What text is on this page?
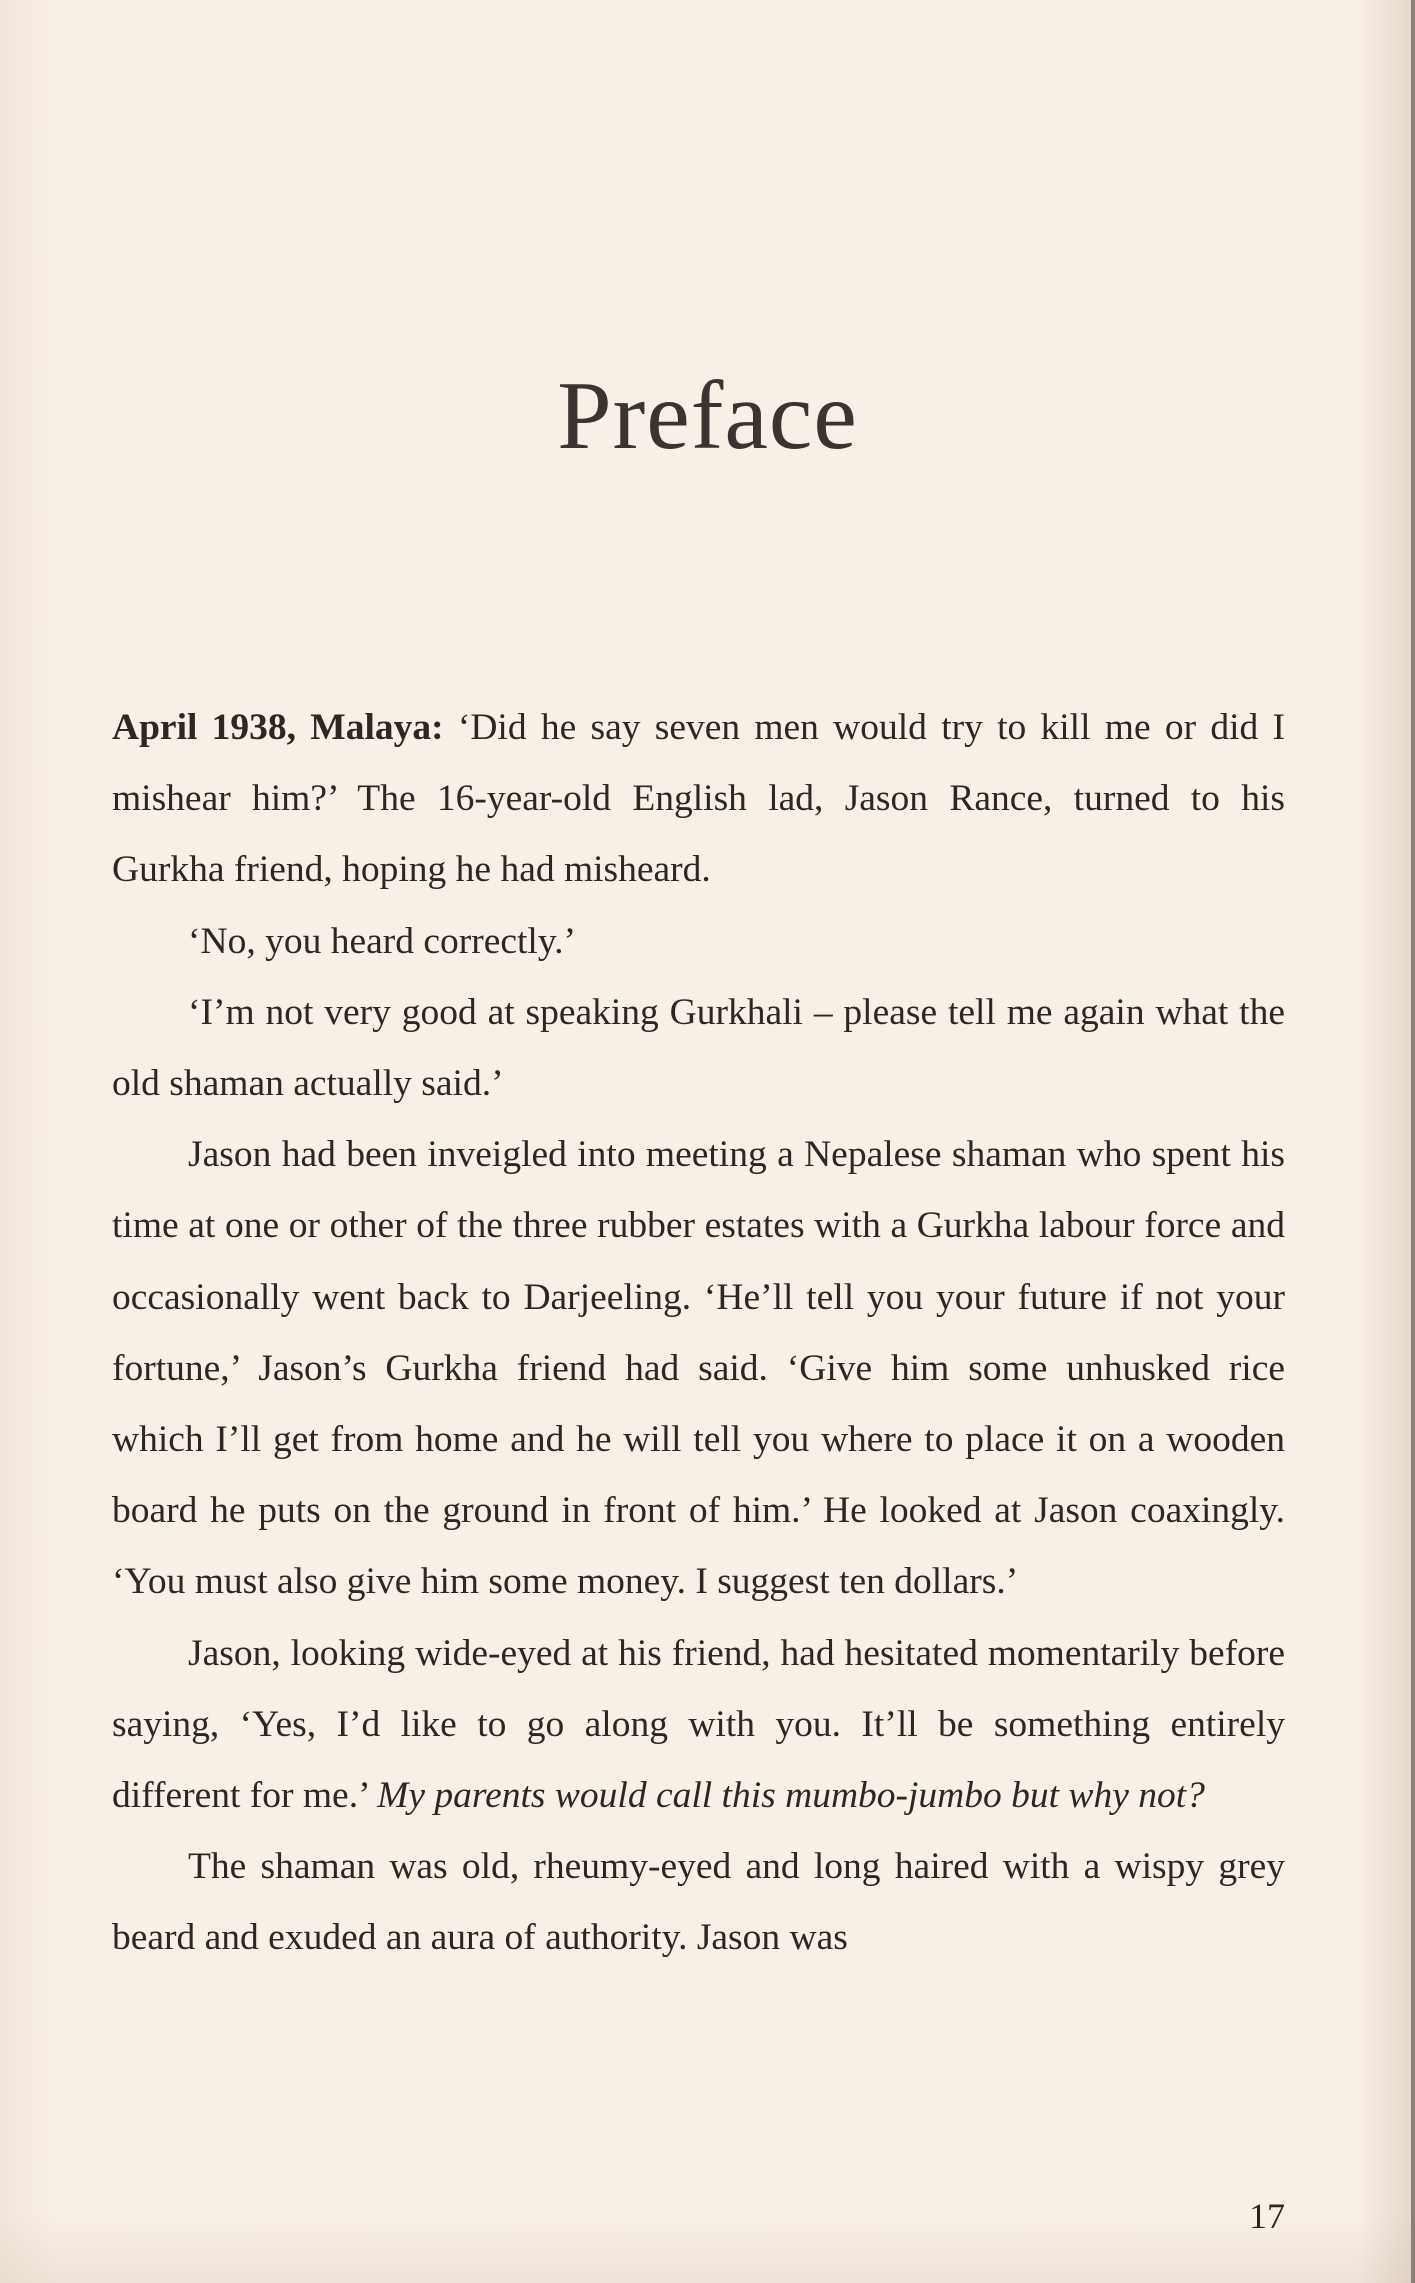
Preface

April 1938, Malaya: ‘Did he say seven men would try to kill me or did I mishear him?’ The 16-year-old English lad, Jason Rance, turned to his Gurkha friend, hoping he had misheard.

‘No, you heard correctly.’

‘I’m not very good at speaking Gurkhali – please tell me again what the old shaman actually said.’

Jason had been inveigled into meeting a Nepalese shaman who spent his time at one or other of the three rubber estates with a Gurkha labour force and occasionally went back to Darjeeling. ‘He’ll tell you your future if not your fortune,’ Jason’s Gurkha friend had said. ‘Give him some unhusked rice which I’ll get from home and he will tell you where to place it on a wooden board he puts on the ground in front of him.’ He looked at Jason coaxingly. ‘You must also give him some money. I suggest ten dollars.’

Jason, looking wide-eyed at his friend, had hesitated momentarily before saying, ‘Yes, I’d like to go along with you. It’ll be something entirely different for me.’ My parents would call this mumbo-jumbo but why not?

The shaman was old, rheumy-eyed and long haired with a wispy grey beard and exuded an aura of authority. Jason was

17
